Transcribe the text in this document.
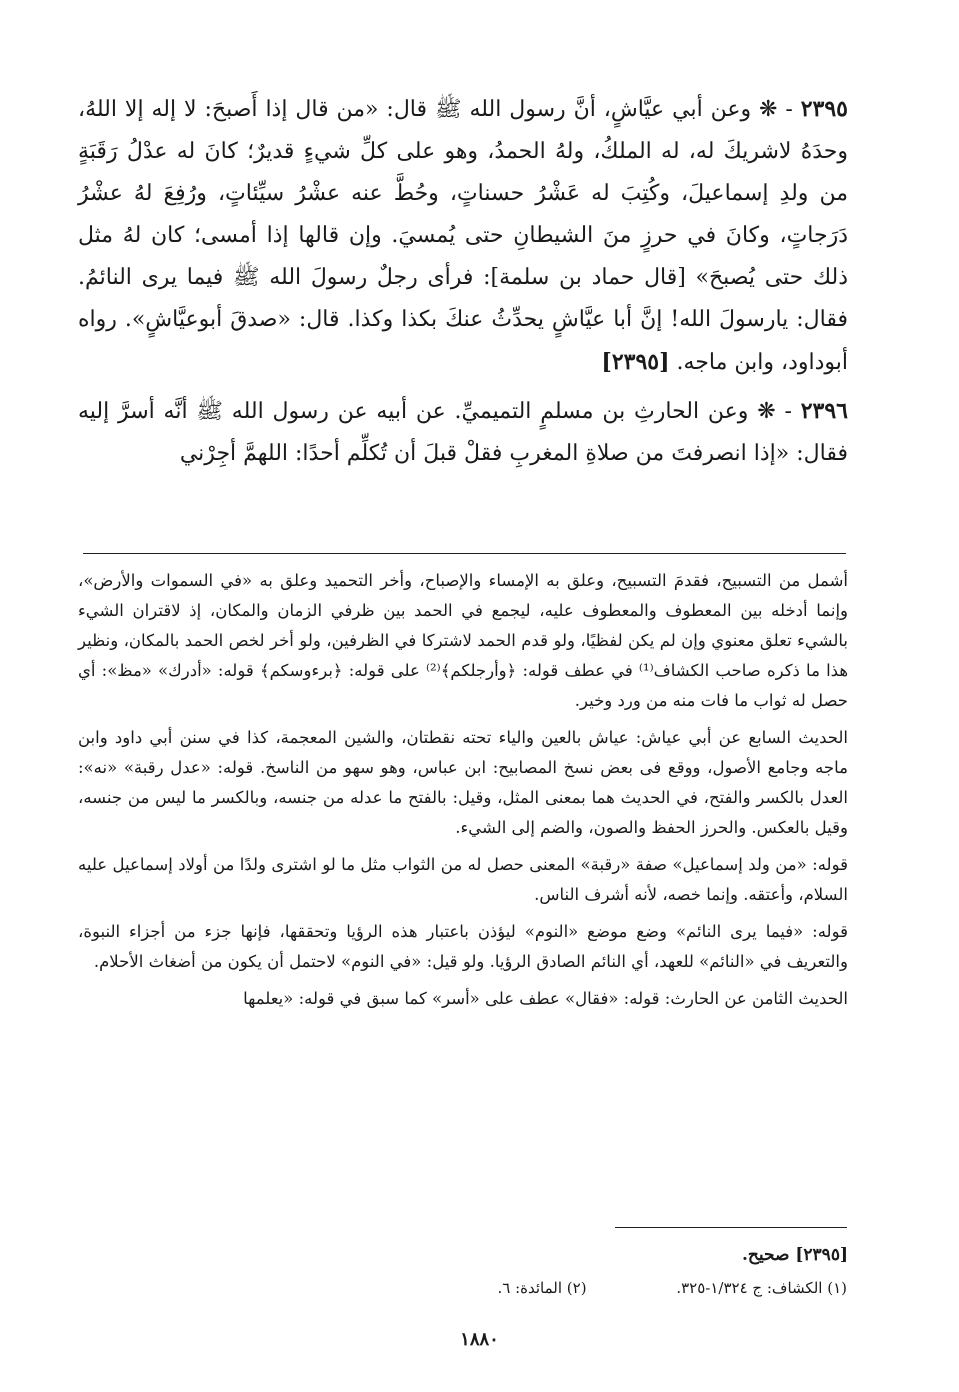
٢٣٩٥ - ❋ وعن أبي عيَّاشٍ، أنَّ رسول الله ﷺ قال: «من قال إذا أَصبحَ: لا إله إلا اللهُ، وحدَهُ لاشريكَ له، له الملكُ، ولهُ الحمدُ، وهو على كلِّ شيءٍ قديرٌ؛ كانَ له عدْلُ رَقَبَةٍ من ولدِ إسماعيلَ، وكُتِبَ له عَشْرُ حسناتٍ، وحُطَّ عنه عشْرُ سيِّئاتٍ، ورُفِعَ لهُ عشْرُ دَرَجاتٍ، وكانَ في حرزٍ منَ الشيطانِ حتى يُمسيَ. وإن قالها إذا أمسى؛ كان لهُ مثل ذلك حتى يُصبحَ» [قال حماد بن سلمة]: فرأى رجلٌ رسولَ الله ﷺ فيما يرى النائمُ. فقال: يارسولَ الله! إنَّ أبا عيَّاشٍ يحدِّثُ عنكَ بكذا وكذا. قال: «صدقَ أبوعيَّاشٍ». رواه أبوداود، وابن ماجه. [٢٣٩٥]

٢٣٩٦ - ❋ وعن الحارثِ بن مسلمٍ التميميِّ. عن أبيه عن رسول الله ﷺ أنَّه أسرَّ إليه فقال: «إذا انصرفتَ من صلاةِ المغربِ فقلْ قبلَ أن تُكلِّم أحدًا: اللهمَّ أجِرْني

أشمل من التسبيح، فقدمَ التسبيح، وعلق به الإمساء والإصباح، وأخر التحميد وعلق به «في السموات والأرض»، وإنما أدخله بين المعطوف والمعطوف عليه، ليجمع في الحمد بين ظرفي الزمان والمكان، إذ لاقتران الشيء بالشيء تعلق معنوي وإن لم يكن لفظيًا، ولو قدم الحمد لاشتركا في الظرفين، ولو أخر لخص الحمد بالمكان، ونظير هذا ما ذكره صاحب الكشاف⁽¹⁾ في عطف قوله: ﴿وأرجلكم﴾⁽²⁾ على قوله: ﴿برءوسكم﴾ قوله: «أدرك» «مظ»: أي حصل له ثواب ما فات منه من ورد وخير.

الحديث السابع عن أبي عياش: عياش بالعين والياء تحته نقطتان، والشين المعجمة، كذا في سنن أبي داود وابن ماجه وجامع الأصول، ووقع فى بعض نسخ المصابيح: ابن عباس، وهو سهو من الناسخ. قوله: «عدل رقبة» «نه»: العدل بالكسر والفتح، في الحديث هما بمعنى المثل، وقيل: بالفتح ما عدله من جنسه، وبالكسر ما ليس من جنسه، وقيل بالعكس. والحرز الحفظ والصون، والضم إلى الشيء.

قوله: «من ولد إسماعيل» صفة «رقبة» المعنى حصل له من الثواب مثل ما لو اشترى ولدًا من أولاد إسماعيل عليه السلام، وأعتقه. وإنما خصه، لأنه أشرف الناس.

قوله: «فيما يرى النائم» وضع موضع «النوم» ليؤذن باعتبار هذه الرؤيا وتحققها، فإنها جزء من أجزاء النبوة، والتعريف في «النائم» للعهد، أي النائم الصادق الرؤيا. ولو قيل: «في النوم» لاحتمل أن يكون من أضغاث الأحلام.

الحديث الثامن عن الحارث: قوله: «فقال» عطف على «أسر» كما سبق في قوله: «يعلمها

[٢٣٩٥] صحيح.
(١) الكشاف: ج ١/٣٢٤-٣٢٥. (٢) المائدة: ٦.
١٨٨٠
